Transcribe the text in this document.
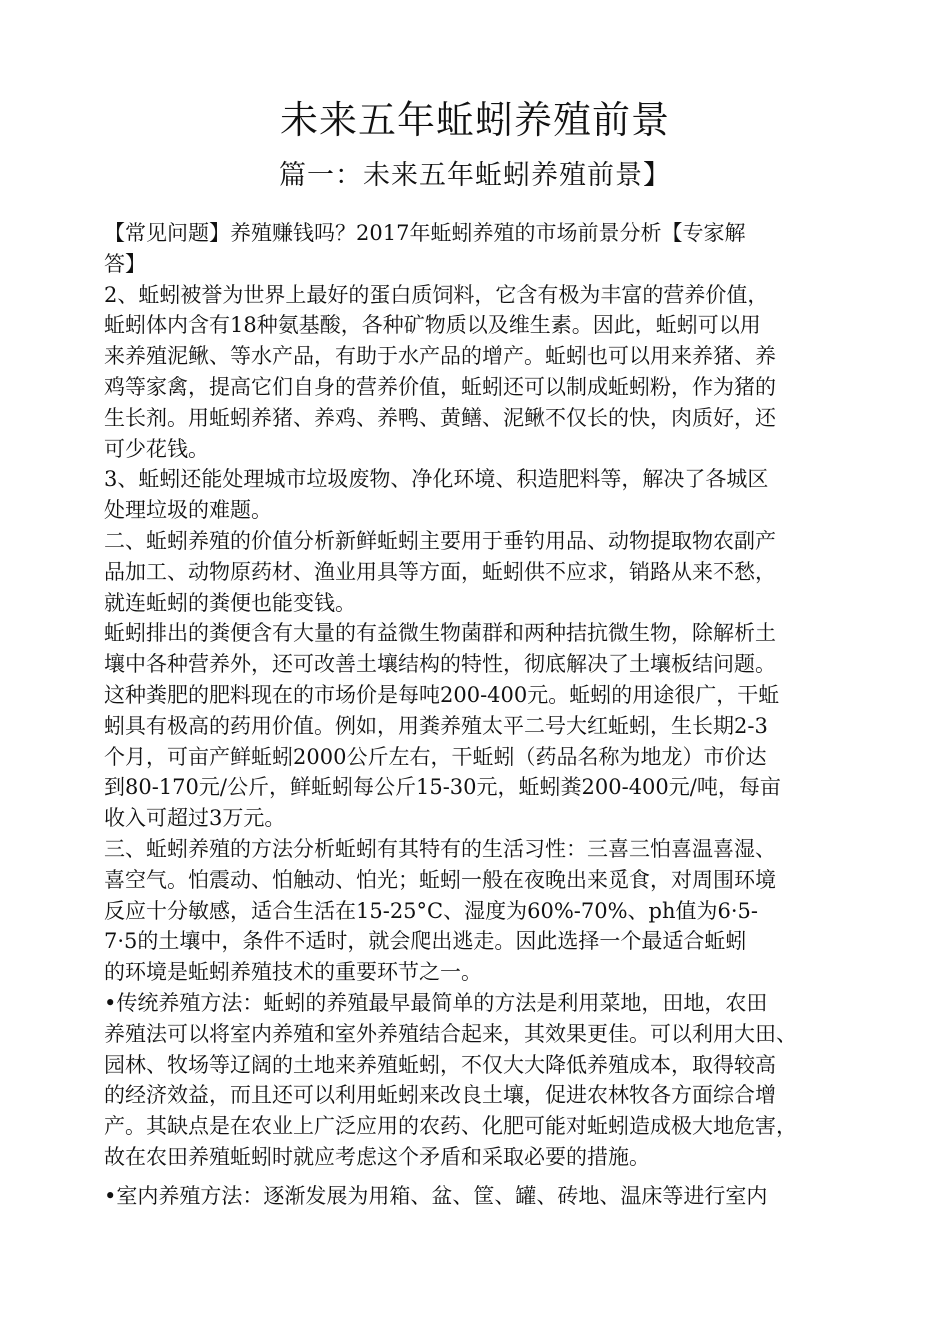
未来五年蚯蚓养殖前景
篇一：未来五年蚯蚓养殖前景】

【常见问题】养殖赚钱吗？2017年蚯蚓养殖的市场前景分析【专家解

答】

2、蚯蚓被誉为世界上最好的蛋白质饲料，它含有极为丰富的营养价值，

蚯蚓体内含有18种氨基酸，各种矿物质以及维生素。因此，蚯蚓可以用

来养殖泥鳅、等水产品，有助于水产品的增产。蚯蚓也可以用来养猪、养

鸡等家禽，提高它们自身的营养价值，蚯蚓还可以制成蚯蚓粉，作为猪的

生长剂。用蚯蚓养猪、养鸡、养鸭、黄鳝、泥鳅不仅长的快，肉质好，还

可少花钱。

3、蚯蚓还能处理城市垃圾废物、净化环境、积造肥料等，解决了各城区

处理垃圾的难题。

二、蚯蚓养殖的价值分析新鲜蚯蚓主要用于垂钓用品、动物提取物农副产

品加工、动物原药材、渔业用具等方面，蚯蚓供不应求，销路从来不愁，

就连蚯蚓的粪便也能变钱。

蚯蚓排出的粪便含有大量的有益微生物菌群和两种拮抗微生物，除解析土

壤中各种营养外，还可改善土壤结构的特性，彻底解决了土壤板结问题。

这种粪肥的肥料现在的市场价是每吨200-400元。蚯蚓的用途很广，干蚯

蚓具有极高的药用价值。例如，用粪养殖太平二号大红蚯蚓，生长期2-3

个月，可亩产鲜蚯蚓2000公斤左右，干蚯蚓（药品名称为地龙）市价达

到80-170元/公斤，鲜蚯蚓每公斤15-30元，蚯蚓粪200-400元/吨，每亩

收入可超过3万元。

三、蚯蚓养殖的方法分析蚯蚓有其特有的生活习性：三喜三怕喜温喜湿、

喜空气。怕震动、怕触动、怕光；蚯蚓一般在夜晚出来觅食，对周围环境

反应十分敏感，适合生活在15-25°C、湿度为60%-70%、ph值为6·5-

7·5的土壤中，条件不适时，就会爬出逃走。因此选择一个最适合蚯蚓

的环境是蚯蚓养殖技术的重要环节之一。

•传统养殖方法：蚯蚓的养殖最早最简单的方法是利用菜地，田地，农田

养殖法可以将室内养殖和室外养殖结合起来，其效果更佳。可以利用大田、

园林、牧场等辽阔的土地来养殖蚯蚓，不仅大大降低养殖成本，取得较高

的经济效益，而且还可以利用蚯蚓来改良土壤，促进农林牧各方面综合增

产。其缺点是在农业上广泛应用的农药、化肥可能对蚯蚓造成极大地危害，

故在农田养殖蚯蚓时就应考虑这个矛盾和采取必要的措施。

•室内养殖方法：逐渐发展为用箱、盆、筐、罐、砖地、温床等进行室内
